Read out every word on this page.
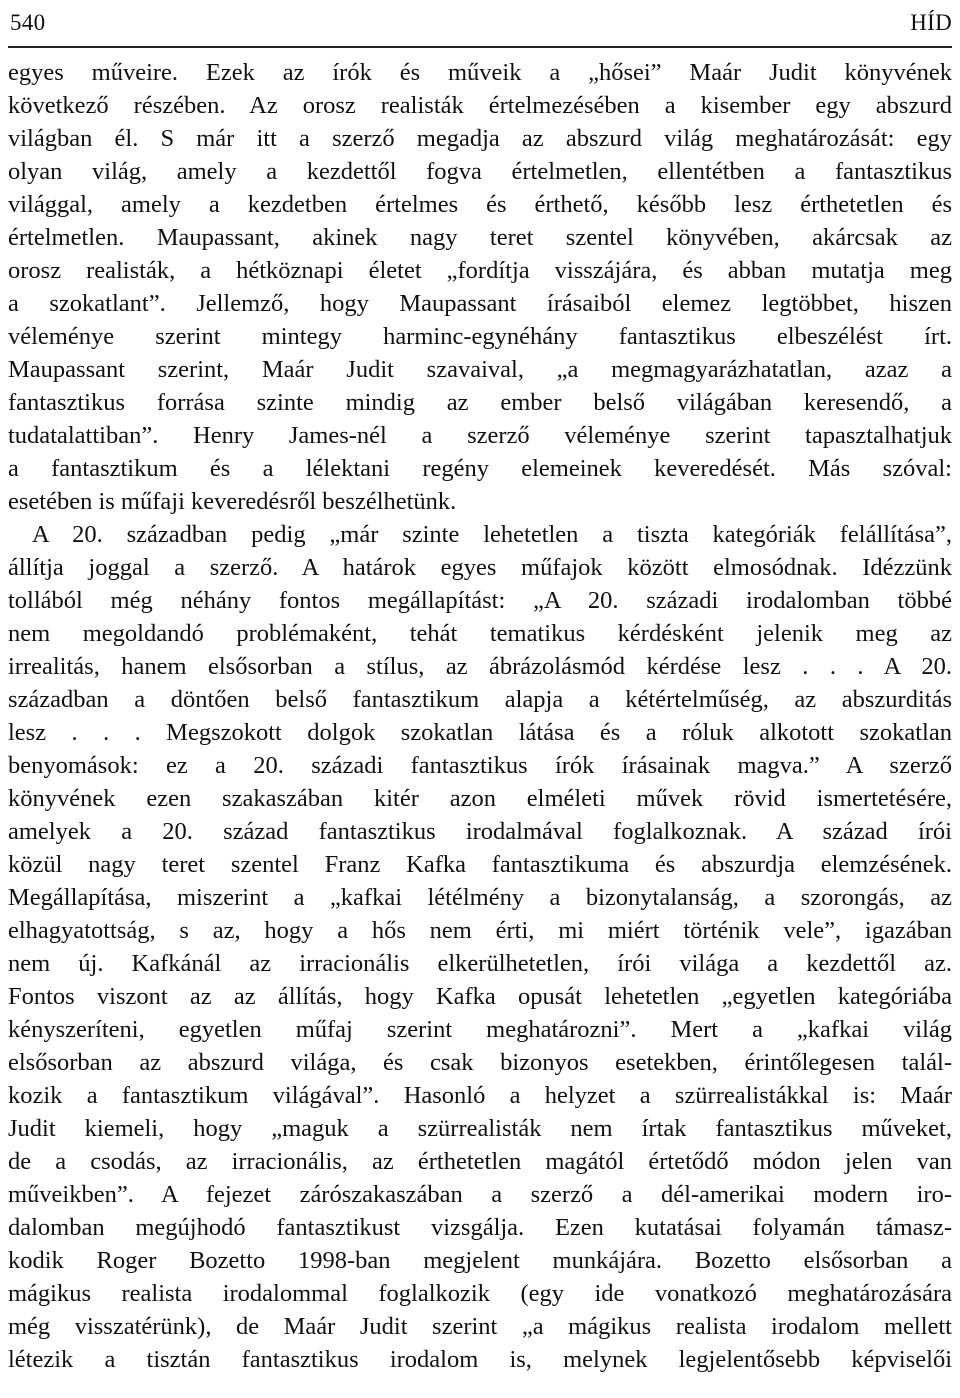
540	HÍD
egyes műveire. Ezek az írók és műveik a „hősei” Maár Judit könyvének
következő részében. Az orosz realisták értelmezésében a kisember egy abszurd
világban él. S már itt a szerző megadja az abszurd világ meghatározását: egy
olyan világ, amely a kezdettől fogva értelmetlen, ellentétben a fantasztikus
világgal, amely a kezdetben értelmes és érthető, később lesz érthetetlen és
értelmetlen. Maupassant, akinek nagy teret szentel könyvében, akárcsak az
orosz realisták, a hétköznapi életet „fordítja visszájára, és abban mutatja meg
a szokatlant”. Jellemző, hogy Maupassant írásaiból elemez legtöbbet, hiszen
véleménye szerint mintegy harminc-egynéhány fantasztikus elbeszélést írt.
Maupassant szerint, Maár Judit szavaival, „a megmagyarázhatatlan, azaz a
fantasztikus forrása szinte mindig az ember belső világában keresendő, a
tudatalattiban”. Henry James-nél a szerző véleménye szerint tapasztalhatjuk
a fantasztikum és a lélektani regény elemeinek keveredését. Más szóval:
esetében is műfaji keveredésről beszélhetünk.
A 20. században pedig „már szinte lehetetlen a tiszta kategóriák felállítása”,
állítja joggal a szerző. A határok egyes műfajok között elmosódnak. Idézzünk
tollából még néhány fontos megállapítást: „A 20. századi irodalomban többé
nem megoldandó problémaként, tehát tematikus kérdésként jelenik meg az
irrealitás, hanem elsősorban a stílus, az ábrázolásmód kérdése lesz . . . A 20.
században a döntően belső fantasztikum alapja a kétértelműség, az abszurditás
lesz . . . Megszokott dolgok szokatlan látása és a róluk alkotott szokatlan
benyomások: ez a 20. századi fantasztikus írók írásainak magva.” A szerző
könyvének ezen szakaszában kitér azon elméleti művek rövid ismertetésére,
amelyek a 20. század fantasztikus irodalmával foglalkoznak. A század írói
közül nagy teret szentel Franz Kafka fantasztikuma és abszurdja elemzésének.
Megállapítása, miszerint a „kafkai létélmény a bizonytalanság, a szorongás, az
elhagyatottság, s az, hogy a hős nem érti, mi miért történik vele”, igazában
nem új. Kafkánál az irracionális elkerülhetetlen, írói világa a kezdettől az.
Fontos viszont az az állítás, hogy Kafka opusát lehetetlen „egyetlen kategóriába
kényszeríteni, egyetlen műfaj szerint meghatározni”. Mert a „kafkai világ
elsősorban az abszurd világa, és csak bizonyos esetekben, érintőlegesen talál-
kozik a fantasztikum világával”. Hasonló a helyzet a szürrealistákkal is: Maár
Judit kiemeli, hogy „maguk a szürrealisták nem írtak fantasztikus műveket,
de a csodás, az irracionális, az érthetetlen magától értetődő módon jelen van
műveikben”. A fejezet zárószakaszában a szerző a dél-amerikai modern iro-
dalomban megújhodó fantasztikust vizsgálja. Ezen kutatásai folyamán támasz-
kodik Roger Bozetto 1998-ban megjelent munkájára. Bozetto elsősorban a
mágikus realista irodalommal foglalkozik (egy ide vonatkozó meghatározására
még visszatérünk), de Maár Judit szerint „a mágikus realista irodalom mellett
létezik a tisztán fantasztikus irodalom is, melynek legjelentősebb képviselői
